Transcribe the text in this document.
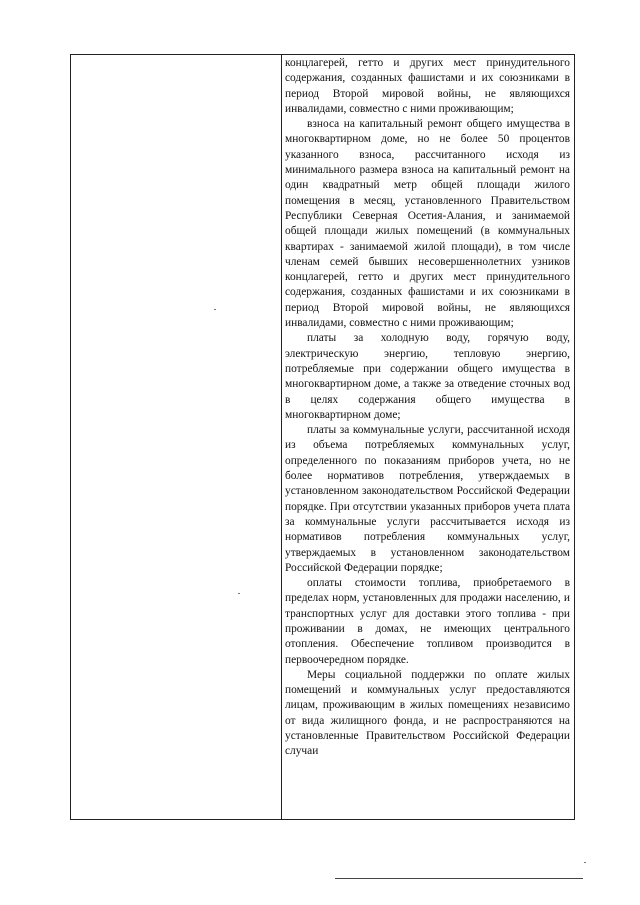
концлагерей, гетто и других мест принудительного содержания, созданных фашистами и их союзниками в период Второй мировой войны, не являющихся инвалидами, совместно с ними проживающим;

взноса на капитальный ремонт общего имущества в многоквартирном доме, но не более 50 процентов указанного взноса, рассчитанного исходя из минимального размера взноса на капитальный ремонт на один квадратный метр общей площади жилого помещения в месяц, установленного Правительством Республики Северная Осетия-Алания, и занимаемой общей площади жилых помещений (в коммунальных квартирах - занимаемой жилой площади), в том числе членам семей бывших несовершеннолетних узников концлагерей, гетто и других мест принудительного содержания, созданных фашистами и их союзниками в период Второй мировой войны, не являющихся инвалидами, совместно с ними проживающим;

платы за холодную воду, горячую воду, электрическую энергию, тепловую энергию, потребляемые при содержании общего имущества в многоквартирном доме, а также за отведение сточных вод в целях содержания общего имущества в многоквартирном доме;

платы за коммунальные услуги, рассчитанной исходя из объема потребляемых коммунальных услуг, определенного по показаниям приборов учета, но не более нормативов потребления, утверждаемых в установленном законодательством Российской Федерации порядке. При отсутствии указанных приборов учета плата за коммунальные услуги рассчитывается исходя из нормативов потребления коммунальных услуг, утверждаемых в установленном законодательством Российской Федерации порядке;

оплаты стоимости топлива, приобретаемого в пределах норм, установленных для продажи населению, и транспортных услуг для доставки этого топлива - при проживании в домах, не имеющих центрального отопления. Обеспечение топливом производится в первоочередном порядке.

Меры социальной поддержки по оплате жилых помещений и коммунальных услуг предоставляются лицам, проживающим в жилых помещениях независимо от вида жилищного фонда, и не распространяются на установленные Правительством Российской Федерации случаи
